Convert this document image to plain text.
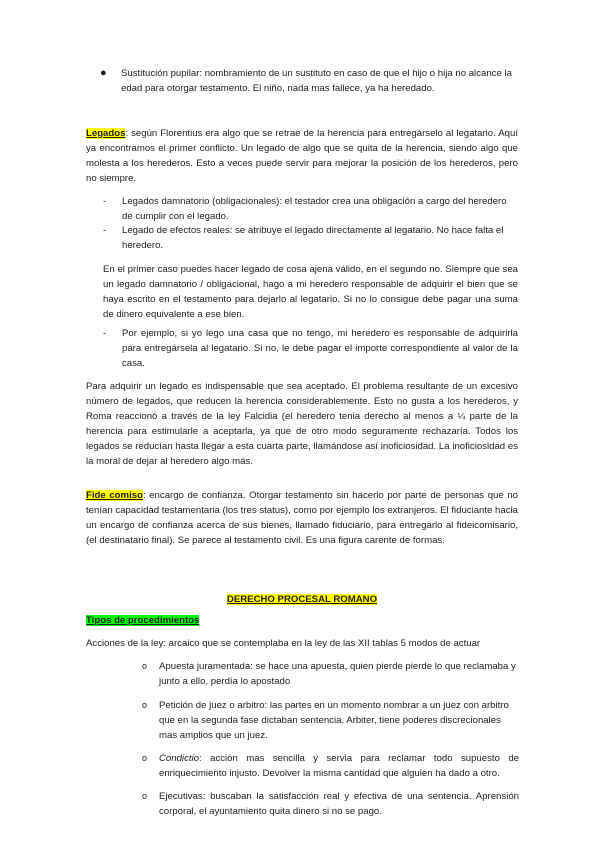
● Sustitución pupilar: nombramiento de un sustituto en caso de que el hijo o hija no alcance la edad para otorgar testamento. El niño, nada mas fallece, ya ha heredado.

Legados: según Florentius era algo que se retrae de la herencia para entregárselo al legatario. Aquí ya encontramos el primer conflicto. Un legado de algo que se quita de la herencia, siendo algo que molesta a los herederos. Esto a veces puede servir para mejorar la posición de los herederos, pero no siempre.

- Legados damnatorio (obligacionales): el testador crea una obligación a cargo del heredero de cumplir con el legado.

- Legado de efectos reales: se atribuye el legado directamente al legatario. No hace falta el heredero.

En el primer caso puedes hacer legado de cosa ajena válido, en el segundo no. Siempre que sea un legado damnatorio / obligacional, hago a mi heredero responsable de adquirir el bien que se haya escrito en el testamento para dejarlo al legatario. Si no lo consigue debe pagar una suma de dinero equivalente a ese bien.

- Por ejemplo, si yo lego una casa que no tengo, mi heredero es responsable de adquirirla para entregársela al legatario. Si no, le debe pagar el importe correspondiente al valor de la casa.

Para adquirir un legado es indispensable que sea aceptado. El problema resultante de un excesivo número de legados, que reducen la herencia considerablemente. Esto no gusta a los herederos, y Roma reaccionó a través de la ley Falcidia (el heredero tenia derecho al menos a ¼ parte de la herencia para estimularle a aceptarla, ya que de otro modo seguramente rechazaría. Todos los legados se reducían hasta llegar a esta cuarta parte, llamándose así inoficiosidad. La inoficiosidad es la moral de dejar al heredero algo más.

Fide comiso: encargo de confianza. Otorgar testamento sin hacerlo por parte de personas que no tenían capacidad testamentaria (los tres status), como por ejemplo los extranjeros. El fiduciante hacia un encargo de confianza acerca de sus bienes, llamado fiduciario, para entregarlo al fideicomisario, (el destinatario final). Se parece al testamento civil. Es una figura carente de formas.

DERECHO PROCESAL ROMANO

Tipos de procedimientos

Acciones de la ley: arcaico que se contemplaba en la ley de las XII tablas 5 modos de actuar

o Apuesta juramentada: se hace una apuesta, quien pierde pierde lo que reclamaba y junto a ello, perdía lo apostado

o Petición de juez o arbitro: las partes en un momento nombrar a un juez con arbitro que en la segunda fase dictaban sentencia. Arbiter, tiene poderes discrecionales mas amplios que un juez.

o Condictio: acción mas sencilla y servia para reclamar todo supuesto de enriquecimiento injusto. Devolver la misma cantidad que alguien ha dado a otro.

o Ejecutivas: buscaban la satisfacción real y efectiva de una sentencia. Aprensión corporal, el ayuntamiento quita dinero si no se pago.
